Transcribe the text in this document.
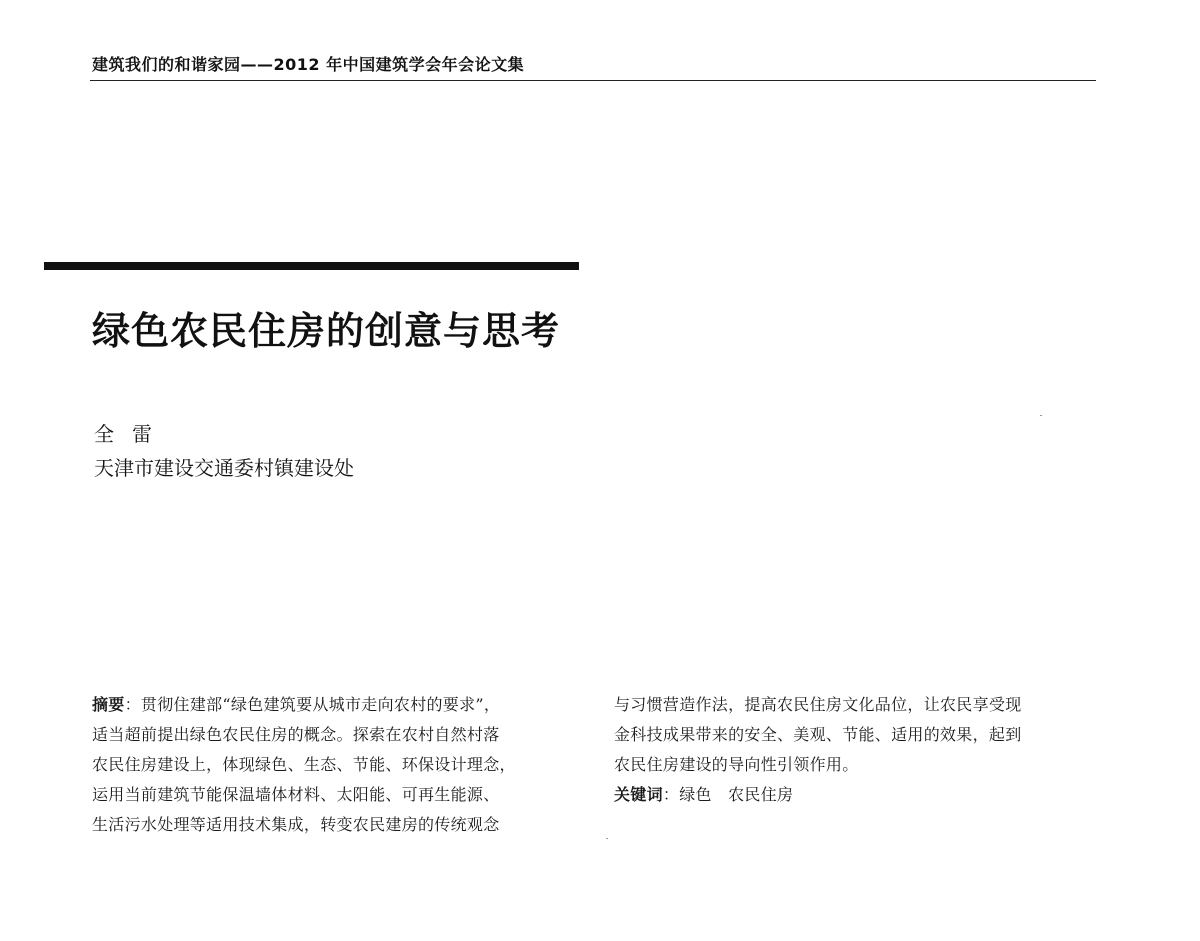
建筑我们的和谐家园——2012 年中国建筑学会年会论文集
绿色农民住房的创意与思考
全雷
天津市建设交通委村镇建设处
摘要：贯彻住建部“绿色建筑要从城市走向农村的要求”，
适当超前提出绿色农民住房的概念。探索在农村自然村落
农民住房建设上，体现绿色、生态、节能、环保设计理念，
运用当前建筑节能保温墙体材料、太阳能、可再生能源、
生活污水处理等适用技术集成，转变农民建房的传统观念
与习惯营造作法，提高农民住房文化品位，让农民享受现
金科技成果带来的安全、美观、节能、适用的效果，起到
农民住房建设的导向性引领作用。
关键词：绿色　农民住房
